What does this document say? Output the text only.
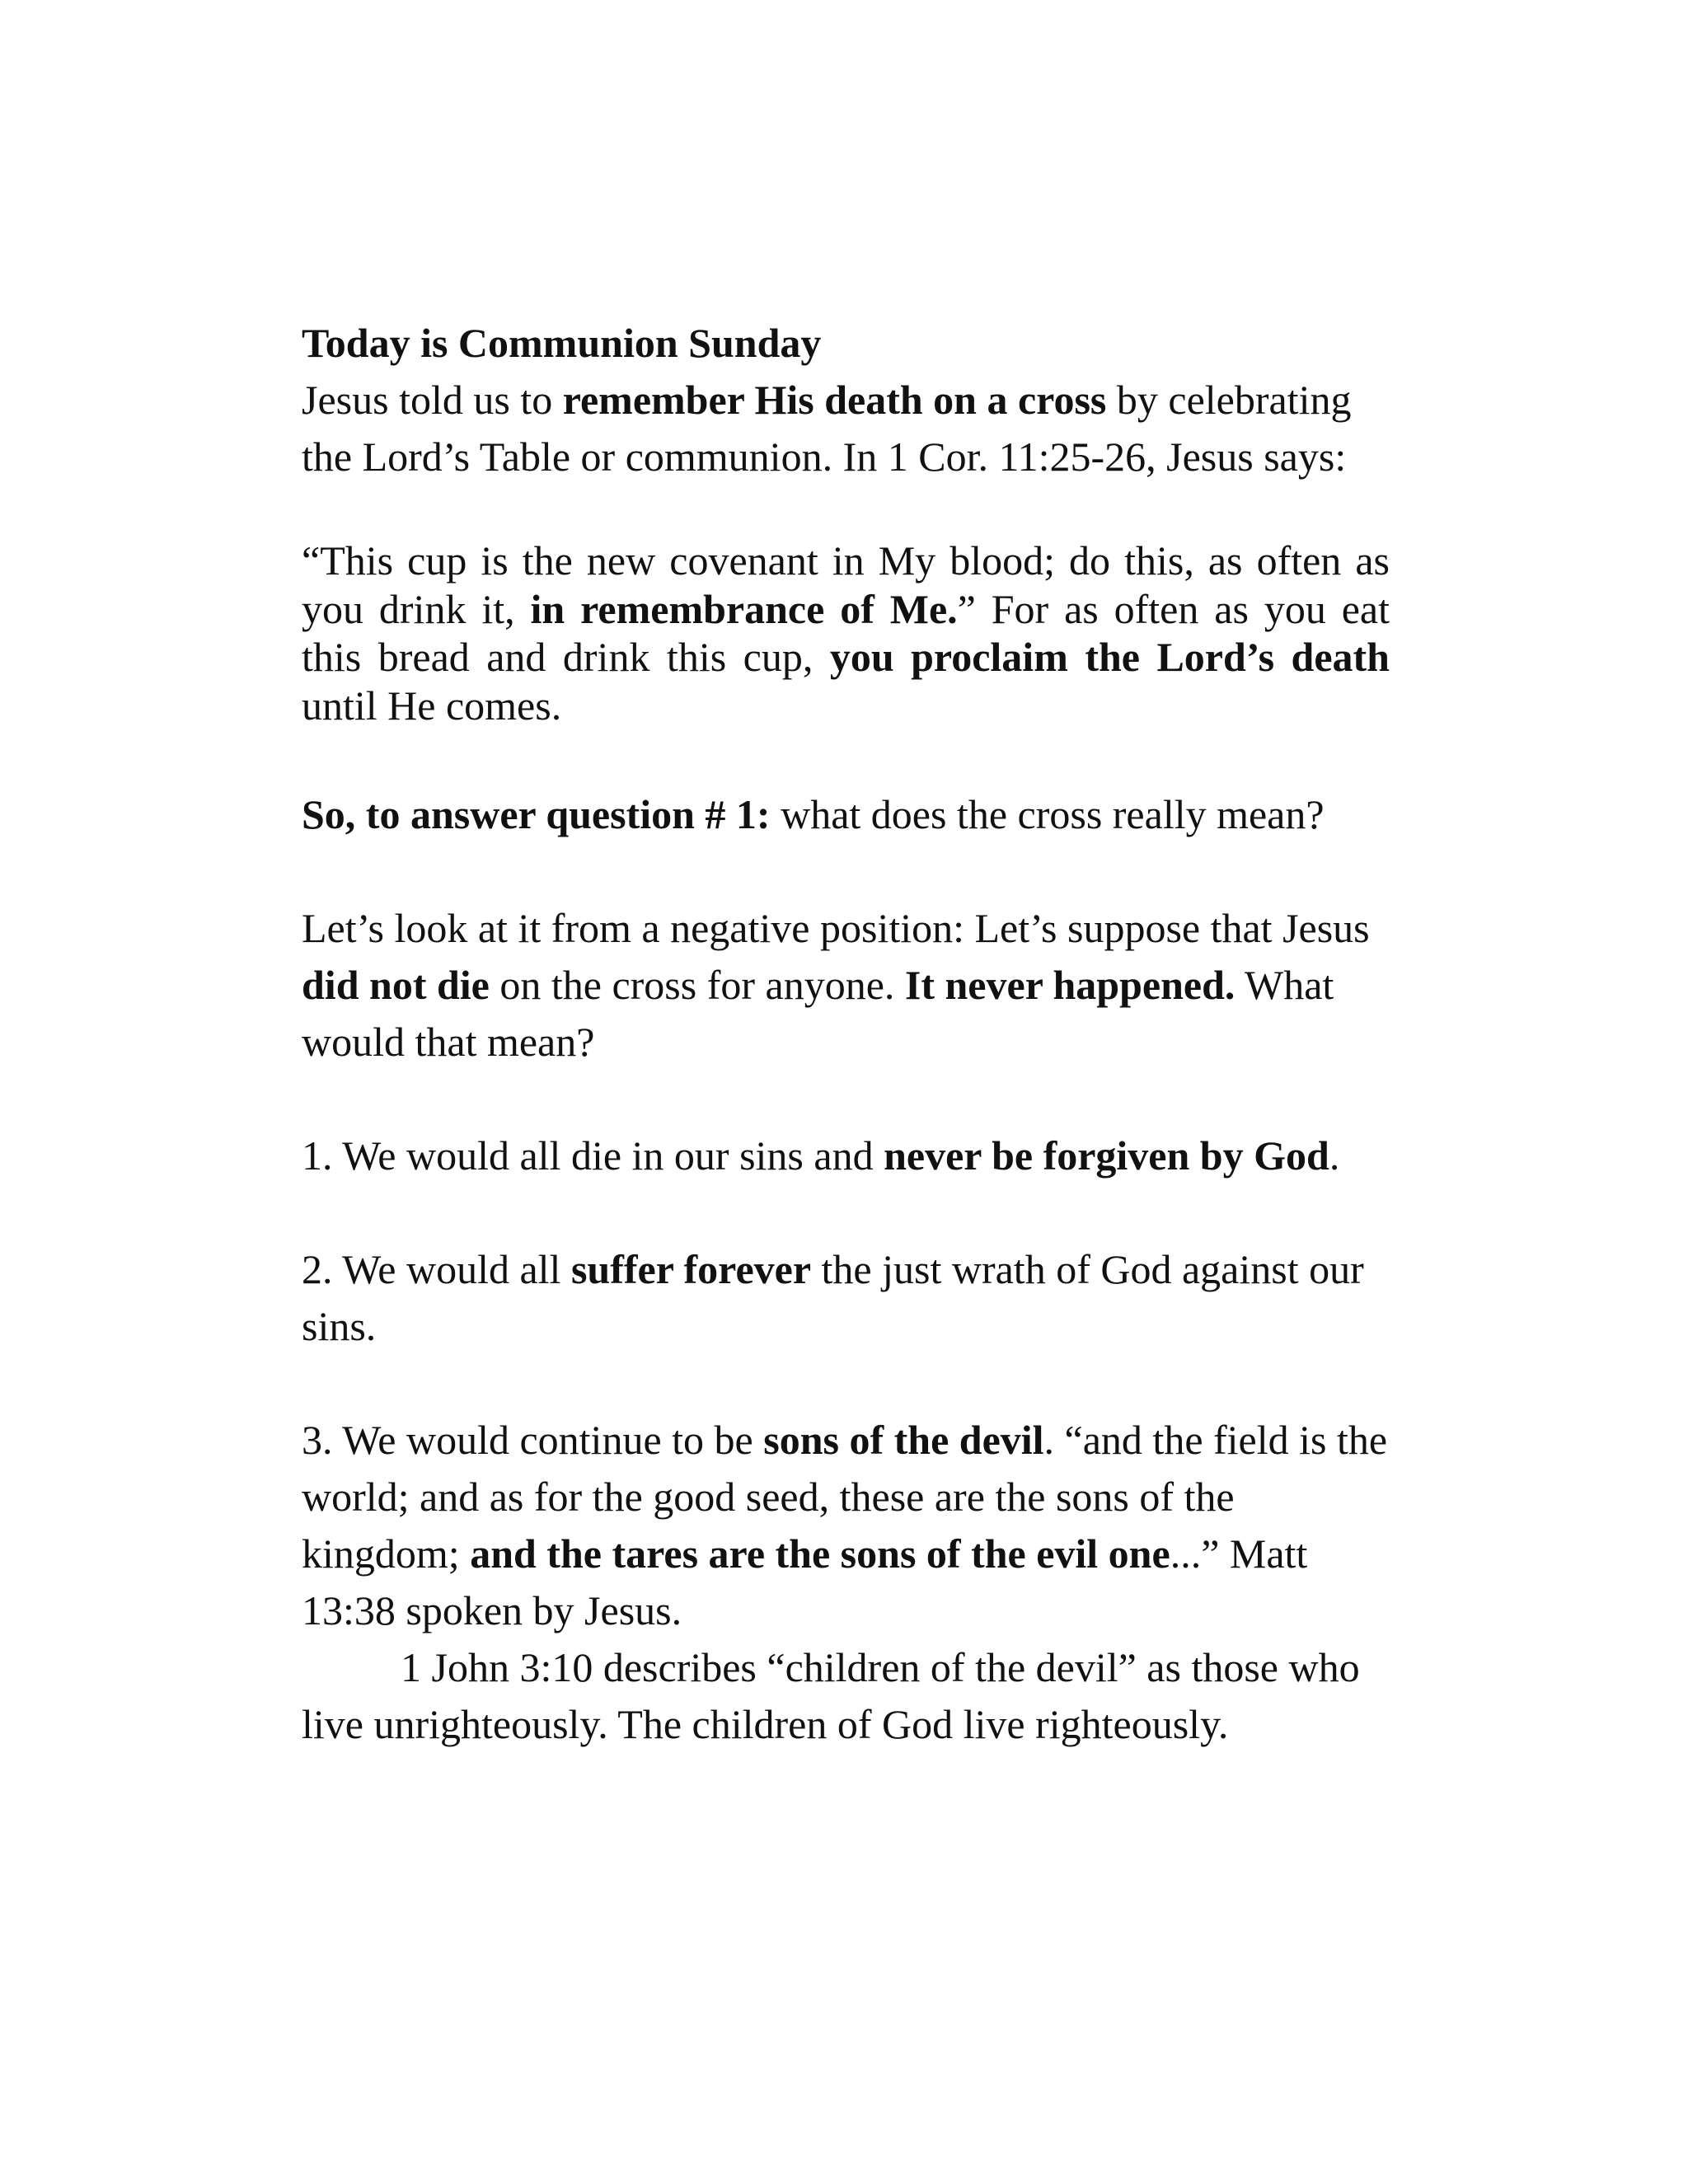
Today is Communion Sunday

Jesus told us to remember His death on a cross by celebrating the Lord’s Table or communion. In 1 Cor. 11:25-26, Jesus says:

“This cup is the new covenant in My blood; do this, as often as you drink it, in remembrance of Me.” For as often as you eat this bread and drink this cup, you proclaim the Lord’s death until He comes.

So, to answer question # 1: what does the cross really mean?

Let’s look at it from a negative position: Let’s suppose that Jesus did not die on the cross for anyone. It never happened. What would that mean?

1. We would all die in our sins and never be forgiven by God.

2. We would all suffer forever the just wrath of God against our sins.

3. We would continue to be sons of the devil. “and the field is the world; and as for the good seed, these are the sons of the kingdom; and the tares are the sons of the evil one...” Matt 13:38 spoken by Jesus.

1 John 3:10 describes “children of the devil” as those who live unrighteously. The children of God live righteously.
